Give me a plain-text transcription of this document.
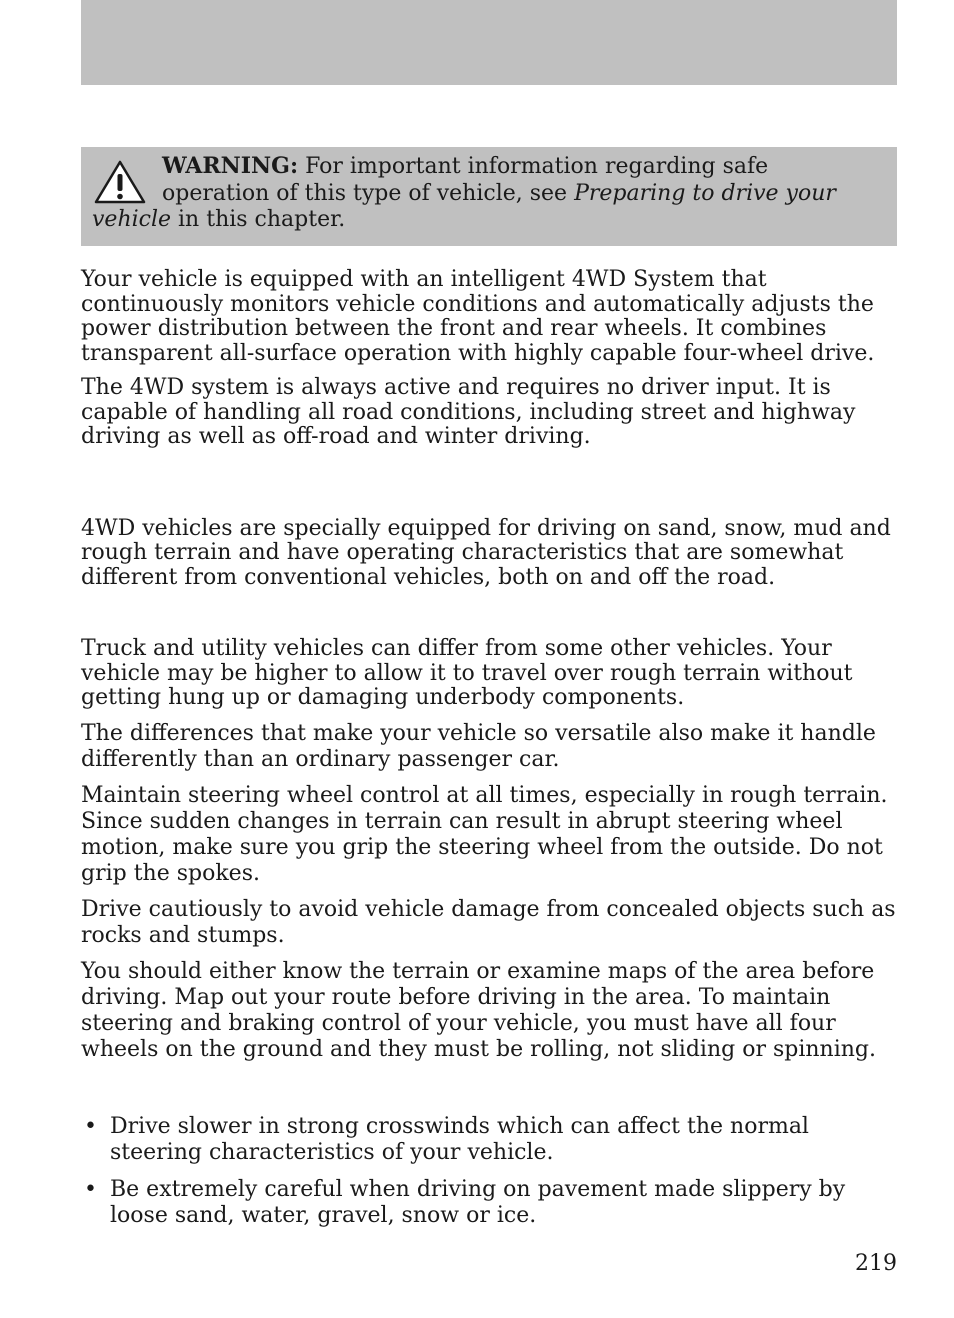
WARNING: For important information regarding safe operation of this type of vehicle, see Preparing to drive your vehicle in this chapter.

Your vehicle is equipped with an intelligent 4WD System that continuously monitors vehicle conditions and automatically adjusts the power distribution between the front and rear wheels. It combines transparent all-surface operation with highly capable four-wheel drive.

The 4WD system is always active and requires no driver input. It is capable of handling all road conditions, including street and highway driving as well as off-road and winter driving.

4WD vehicles are specially equipped for driving on sand, snow, mud and rough terrain and have operating characteristics that are somewhat different from conventional vehicles, both on and off the road.

Truck and utility vehicles can differ from some other vehicles. Your vehicle may be higher to allow it to travel over rough terrain without getting hung up or damaging underbody components.

The differences that make your vehicle so versatile also make it handle differently than an ordinary passenger car.

Maintain steering wheel control at all times, especially in rough terrain. Since sudden changes in terrain can result in abrupt steering wheel motion, make sure you grip the steering wheel from the outside. Do not grip the spokes.

Drive cautiously to avoid vehicle damage from concealed objects such as rocks and stumps.

You should either know the terrain or examine maps of the area before driving. Map out your route before driving in the area. To maintain steering and braking control of your vehicle, you must have all four wheels on the ground and they must be rolling, not sliding or spinning.

• Drive slower in strong crosswinds which can affect the normal steering characteristics of your vehicle.
• Be extremely careful when driving on pavement made slippery by loose sand, water, gravel, snow or ice.
219
